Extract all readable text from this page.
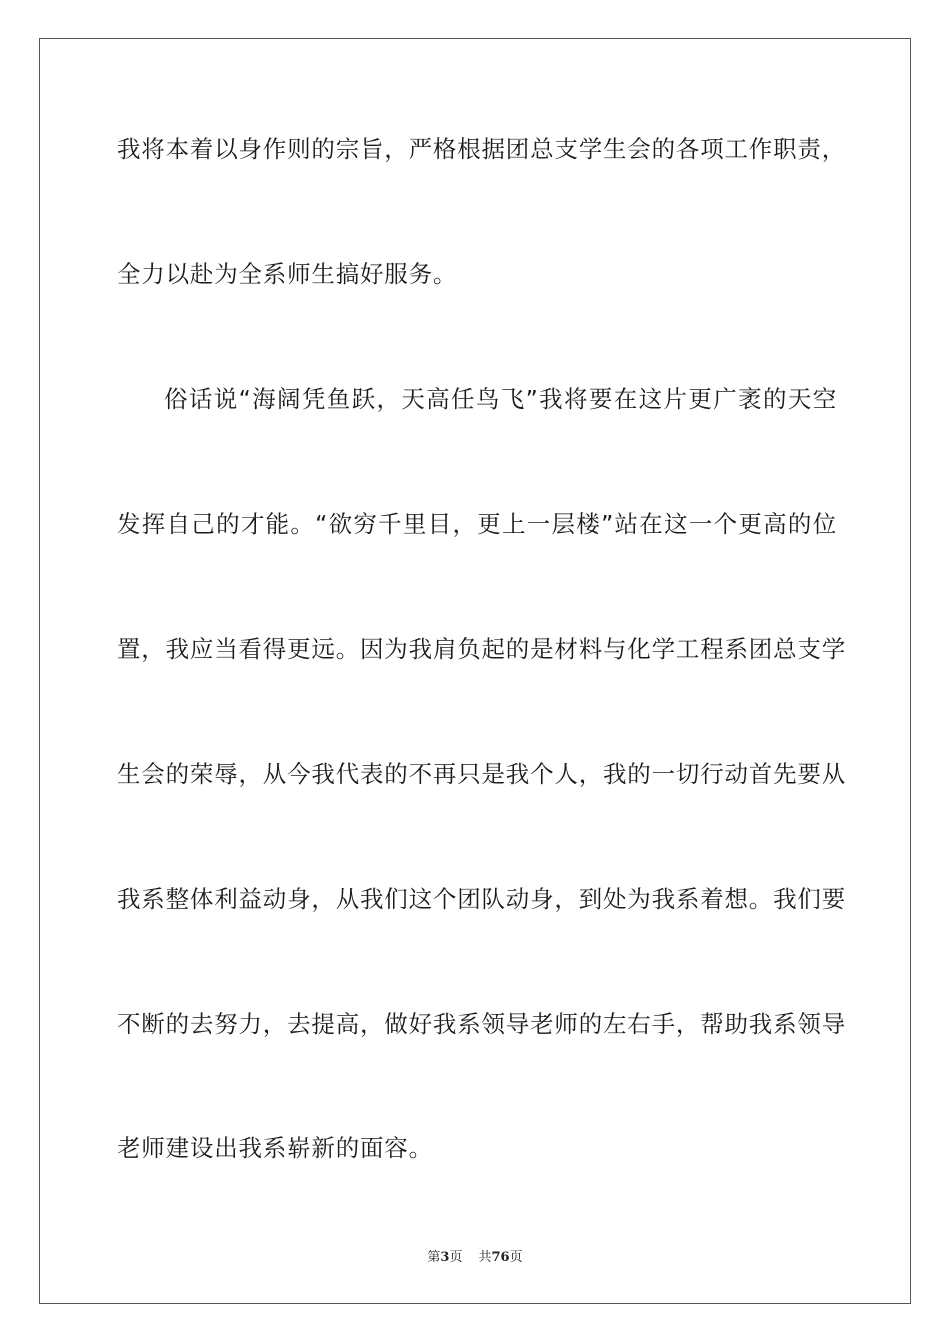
我将本着以身作则的宗旨，严格根据团总支学生会的各项工作职责，
全力以赴为全系师生搞好服务。
俗话说“海阔凭鱼跃，天高任鸟飞”我将要在这片更广袤的天空
发挥自己的才能。“欲穷千里目，更上一层楼”站在这一个更高的位
置，我应当看得更远。因为我肩负起的是材料与化学工程系团总支学
生会的荣辱，从今我代表的不再只是我个人，我的一切行动首先要从
我系整体利益动身，从我们这个团队动身，到处为我系着想。我们要
不断的去努力，去提高，做好我系领导老师的左右手，帮助我系领导
老师建设出我系崭新的面容。
第3页 共76页
